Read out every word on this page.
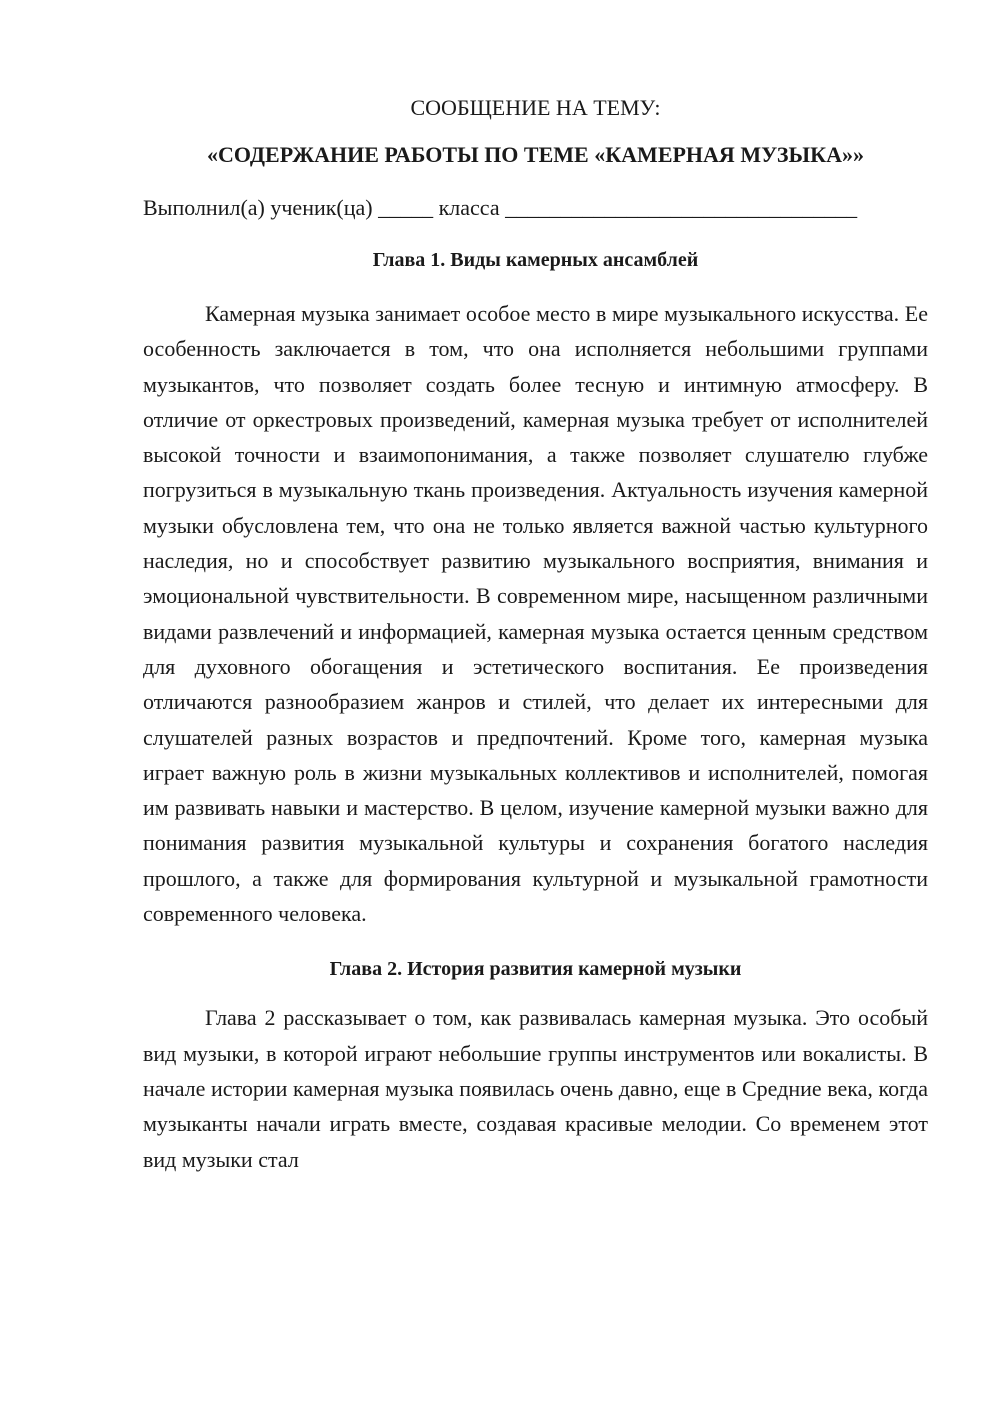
СООБЩЕНИЕ НА ТЕМУ:

«СОДЕРЖАНИЕ РАБОТЫ ПО ТЕМЕ «КАМЕРНАЯ МУЗЫКА»»

Выполнил(а) ученик(ца) _____ класса ________________________________
Глава 1. Виды камерных ансамблей

Камерная музыка занимает особое место в мире музыкального искусства. Ее особенность заключается в том, что она исполняется небольшими группами музыкантов, что позволяет создать более тесную и интимную атмосферу. В отличие от оркестровых произведений, камерная музыка требует от исполнителей высокой точности и взаимопонимания, а также позволяет слушателю глубже погрузиться в музыкальную ткань произведения. Актуальность изучения камерной музыки обусловлена тем, что она не только является важной частью культурного наследия, но и способствует развитию музыкального восприятия, внимания и эмоциональной чувствительности. В современном мире, насыщенном различными видами развлечений и информацией, камерная музыка остается ценным средством для духовного обогащения и эстетического воспитания. Ее произведения отличаются разнообразием жанров и стилей, что делает их интересными для слушателей разных возрастов и предпочтений. Кроме того, камерная музыка играет важную роль в жизни музыкальных коллективов и исполнителей, помогая им развивать навыки и мастерство. В целом, изучение камерной музыки важно для понимания развития музыкальной культуры и сохранения богатого наследия прошлого, а также для формирования культурной и музыкальной грамотности современного человека.

Глава 2. История развития камерной музыки

Глава 2 рассказывает о том, как развивалась камерная музыка. Это особый вид музыки, в которой играют небольшие группы инструментов или вокалисты. В начале истории камерная музыка появилась очень давно, еще в Средние века, когда музыканты начали играть вместе, создавая красивые мелодии. Со временем этот вид музыки стал
